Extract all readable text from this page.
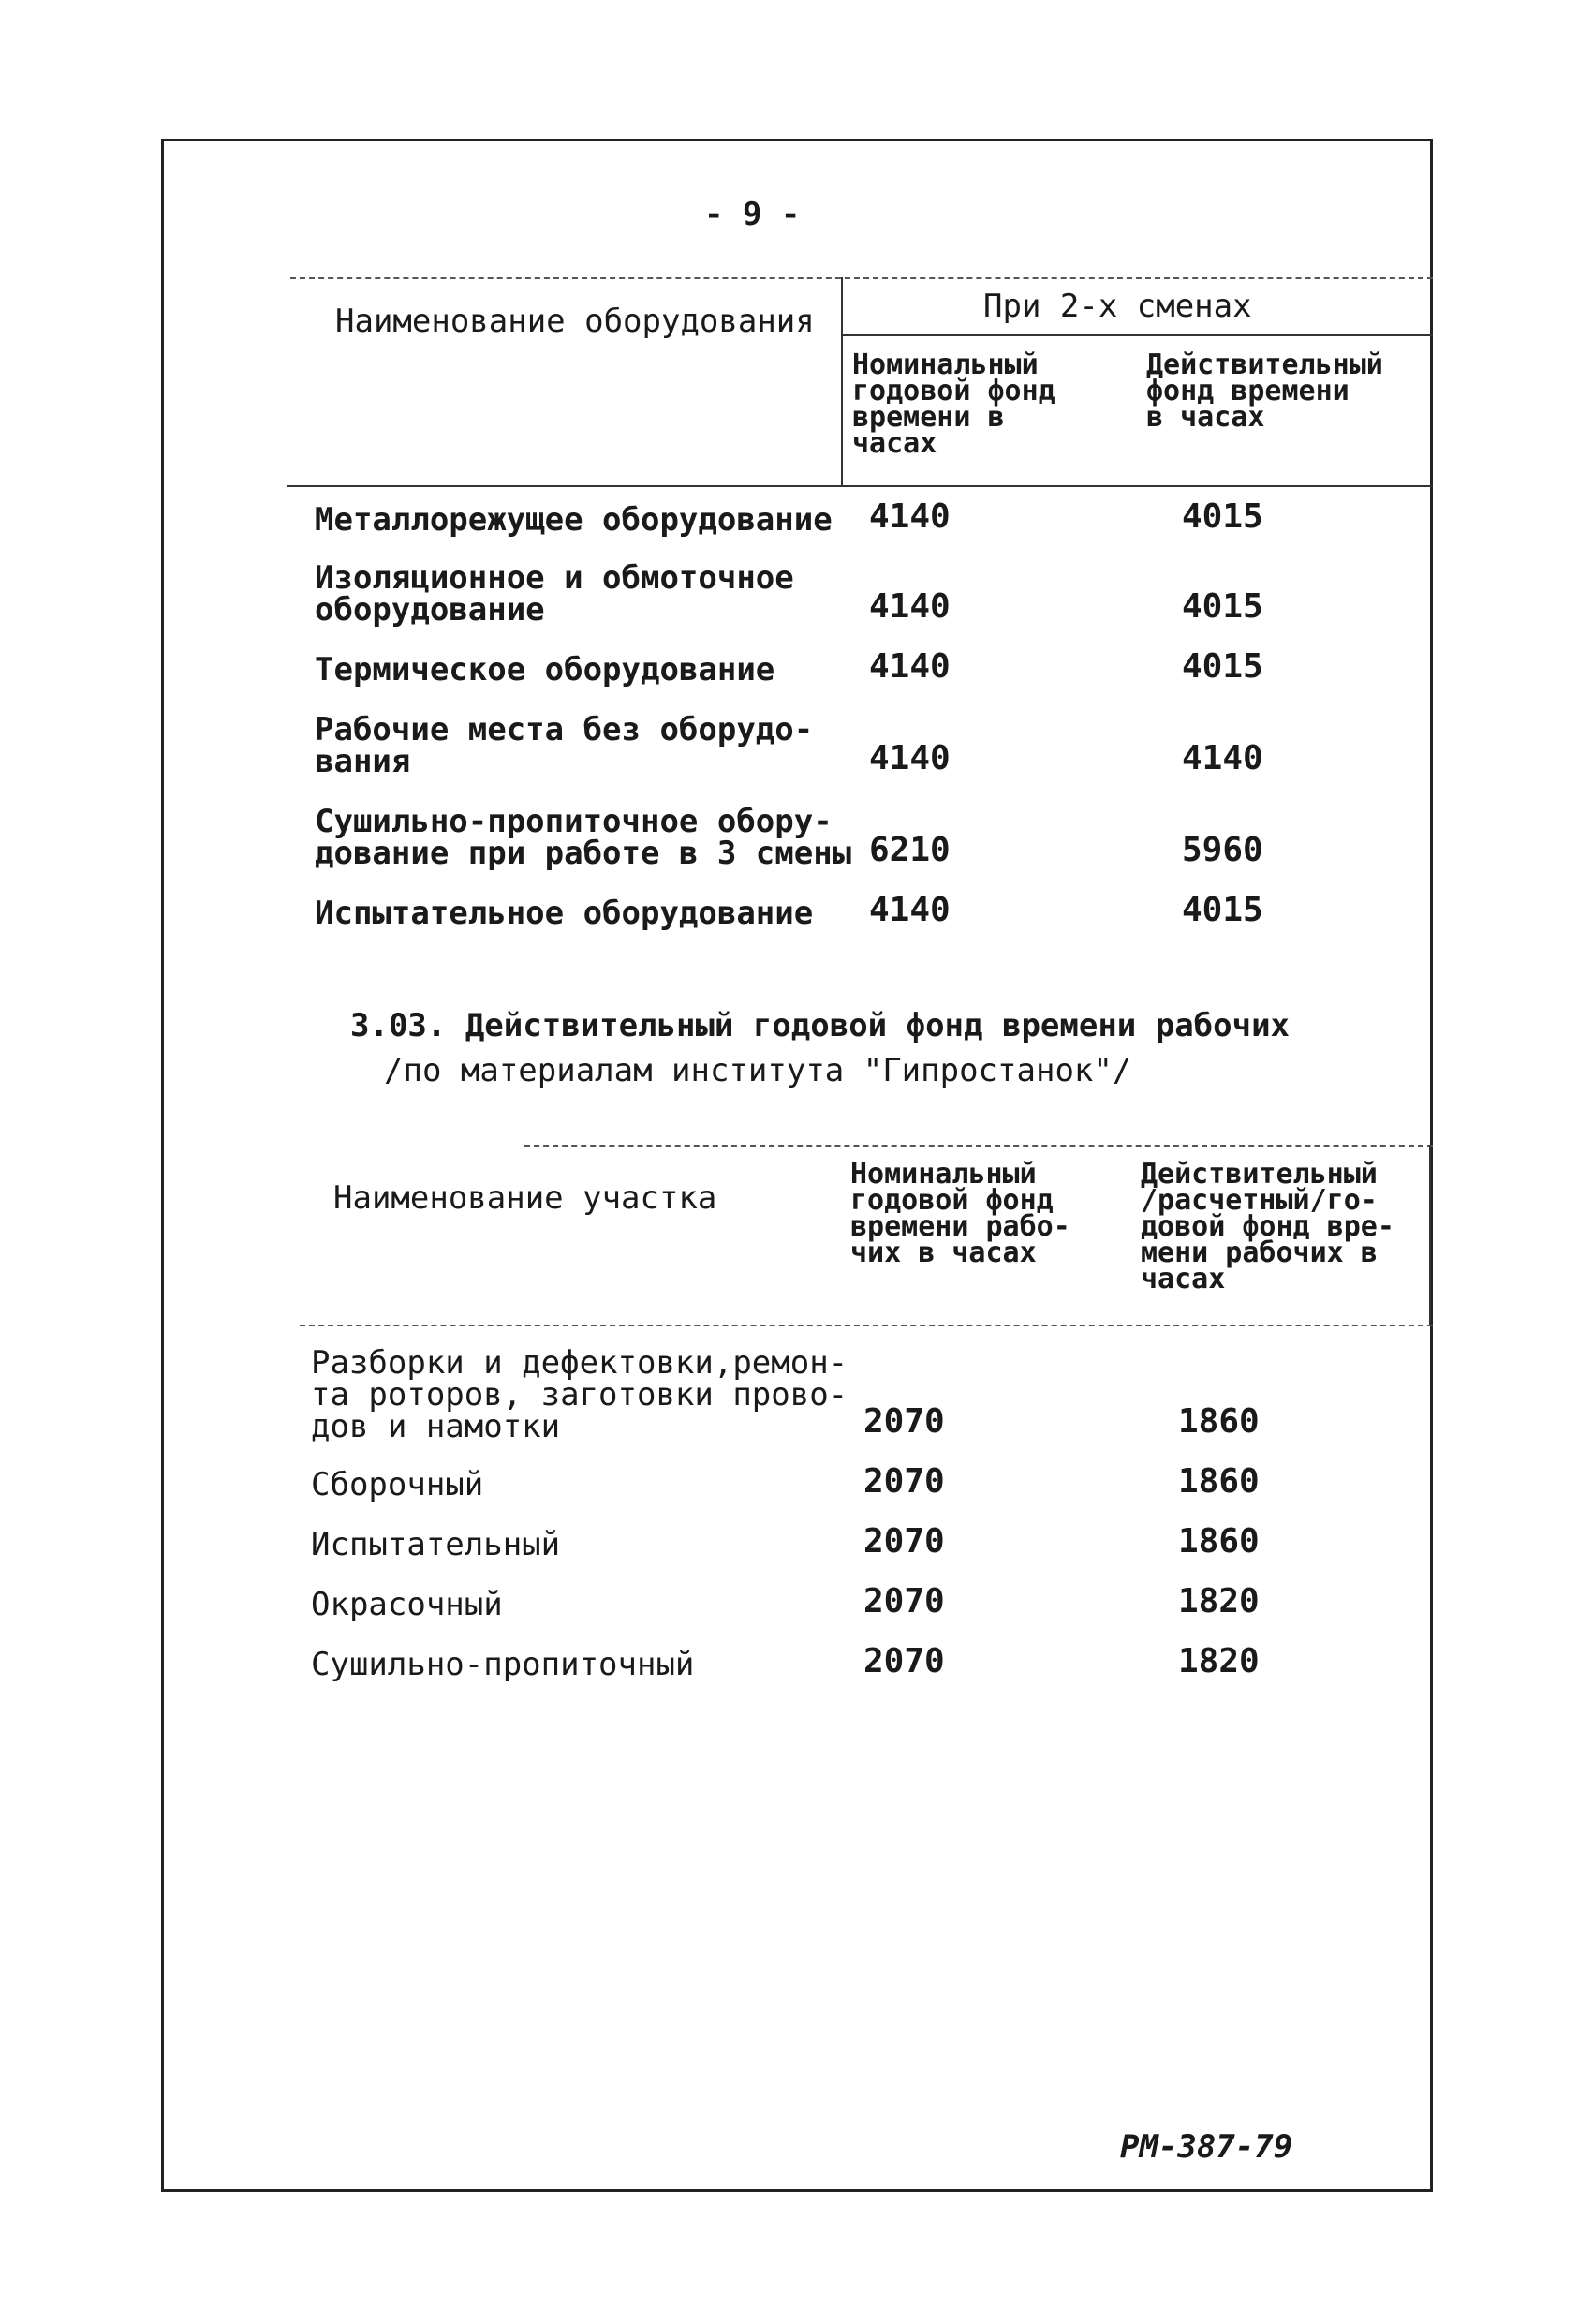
- 9 -
Наименование оборудования	При 2-х сменах
Номинальный
годовой фонд
времени в
часах
Действительный
фонд времени
в часах
Металлорежущее оборудование 4140	4015
Изоляционное и обмоточное
оборудование	4140	4015
Термическое оборудование	4140	4015
Рабочие места без оборудо-
вания	4140	4140
Сушильно-пропиточное обору-
дование при работе в 3 смены 6210	5960
Испытательное оборудование 4140	4015
3.03. Действительный годовой фонд времени рабочих
/по материалам института "Гипростанок"/
Наименование участка
Номинальный
годовой фонд
времени рабо-
чих в часах
Действительный
/расчетный/го-
довой фонд вре-
мени рабочих в
часах
Разборки и дефектовки,ремон-
та роторов, заготовки прово-
дов и намотки	2070	1860
Сборочный	2070	1860
Испытательный	2070	1860
Окрасочный	2070	1820
Сушильно-пропиточный	2070	1820
РМ-387-79
